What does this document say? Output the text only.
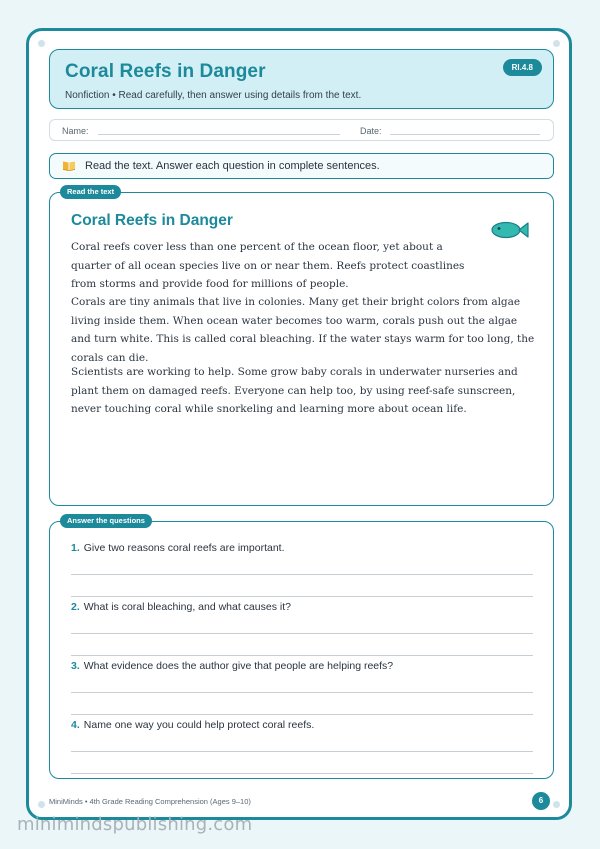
Coral Reefs in Danger
Nonfiction • Read carefully, then answer using details from the text.
RI.4.8
Name:	Date:
Read the text. Answer each question in complete sentences.
Read the text
Coral Reefs in Danger
Coral reefs cover less than one percent of the ocean floor, yet about a
quarter of all ocean species live on or near them. Reefs protect coastlines
from storms and provide food for millions of people.
Corals are tiny animals that live in colonies. Many get their bright colors from algae
living inside them. When ocean water becomes too warm, corals push out the algae
and turn white. This is called coral bleaching. If the water stays warm for too long, the
corals can die.
Scientists are working to help. Some grow baby corals in underwater nurseries and
plant them on damaged reefs. Everyone can help too, by using reef-safe sunscreen,
never touching coral while snorkeling and learning more about ocean life.
Answer the questions
1. Give two reasons coral reefs are important.
2. What is coral bleaching, and what causes it?
3. What evidence does the author give that people are helping reefs?
4. Name one way you could help protect coral reefs.
MiniMinds • 4th Grade Reading Comprehension (Ages 9–10)	6
minimindspublishing.com
